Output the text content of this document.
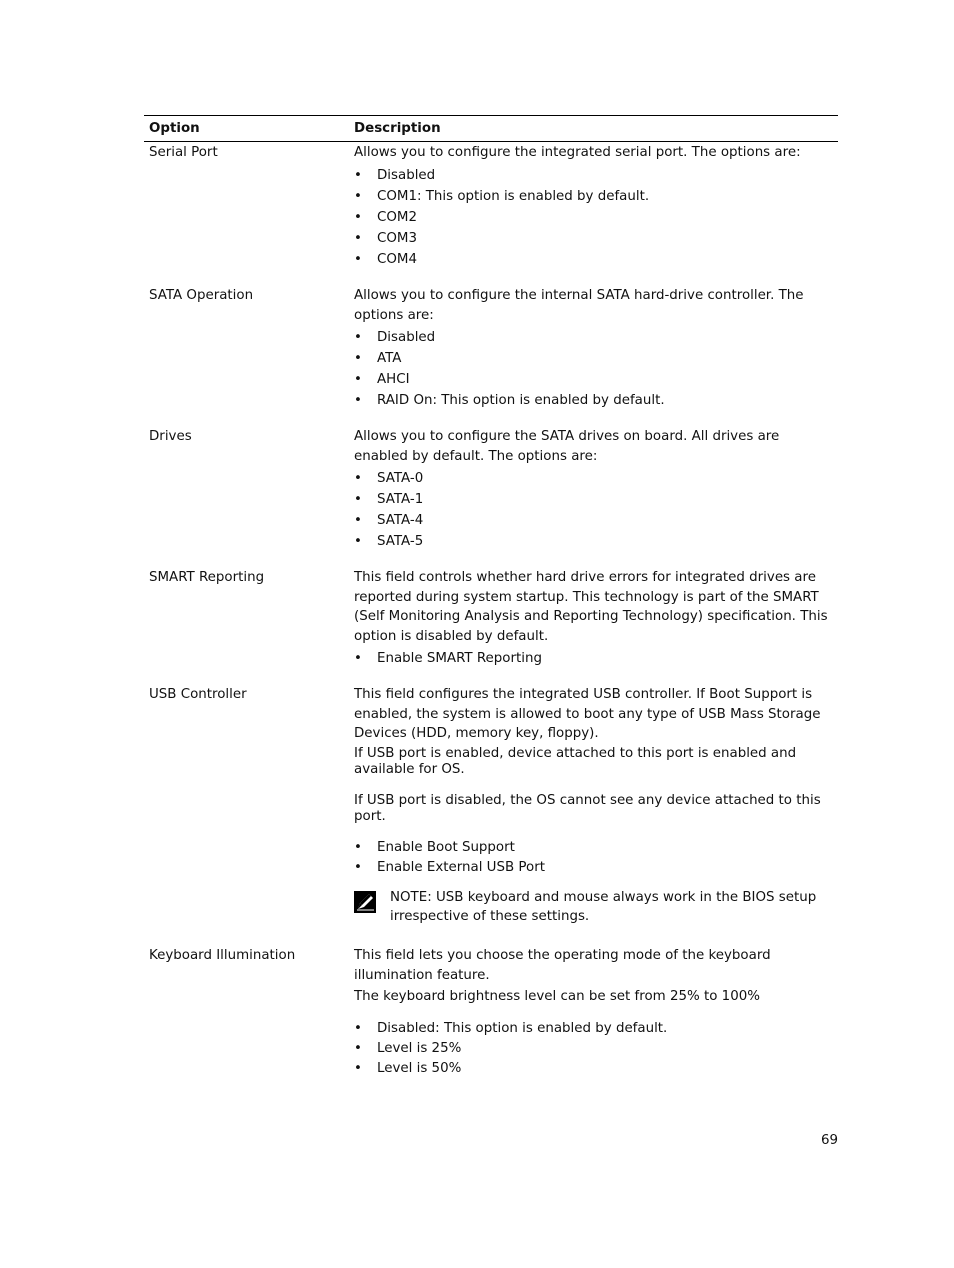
Option	Description
Serial Port	Allows you to configure the integrated serial port. The options are:

• Disabled
• COM1: This option is enabled by default.
• COM2
• COM3
• COM4
SATA Operation	Allows you to configure the internal SATA hard-drive controller. The options are:

• Disabled
• ATA
• AHCI
• RAID On: This option is enabled by default.
Drives	Allows you to configure the SATA drives on board. All drives are enabled by default. The options are:

• SATA-0
• SATA-1
• SATA-4
• SATA-5
SMART Reporting	This field controls whether hard drive errors for integrated drives are reported during system startup. This technology is part of the SMART (Self Monitoring Analysis and Reporting Technology) specification. This option is disabled by default.

• Enable SMART Reporting
USB Controller	This field configures the integrated USB controller. If Boot Support is enabled, the system is allowed to boot any type of USB Mass Storage Devices (HDD, memory key, floppy).

If USB port is enabled, device attached to this port is enabled and available for OS.

If USB port is disabled, the OS cannot see any device attached to this port.

• Enable Boot Support
• Enable External USB Port
NOTE: USB keyboard and mouse always work in the BIOS setup irrespective of these settings.
Keyboard Illumination	This field lets you choose the operating mode of the keyboard illumination feature.

The keyboard brightness level can be set from 25% to 100%

• Disabled: This option is enabled by default.
• Level is 25%
• Level is 50%
69
